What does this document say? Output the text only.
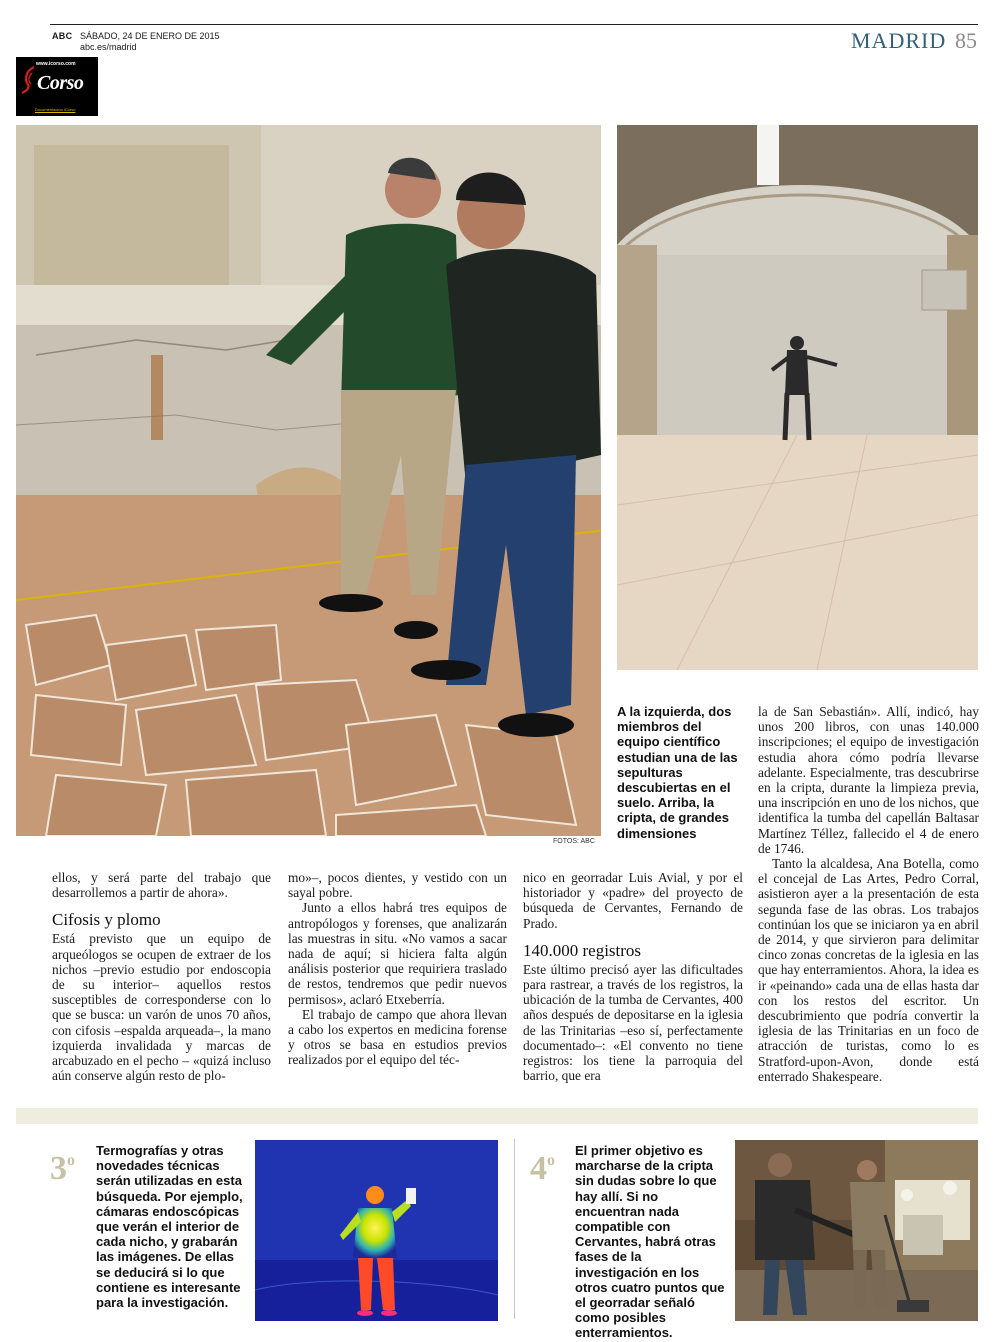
ABC SÁBADO, 24 DE ENERO DE 2015
abc.es/madrid	MADRID 85
www.icorso.com
Corso
Documentación iCorso
FOTOS: ABC
A la izquierda, dos miembros del equipo científico estudian una de las sepulturas descubiertas en el suelo. Arriba, la cripta, de grandes dimensiones

la de San Sebastián». Allí, indicó, hay unos 200 libros, con unas 140.000 inscripciones; el equipo de investigación estudia ahora cómo podría llevarse adelante. Especialmente, tras descubrirse en la cripta, durante la limpieza previa, una inscripción en uno de los nichos, que identifica la tumba del capellán Baltasar Martínez Téllez, fallecido el 4 de enero de 1746.

Tanto la alcaldesa, Ana Botella, como el concejal de Las Artes, Pedro Corral, asistieron ayer a la presentación de esta segunda fase de las obras. Los trabajos continúan los que se iniciaron ya en abril de 2014, y que sirvieron para delimitar cinco zonas concretas de la iglesia en las que hay enterramientos. Ahora, la idea es ir «peinando» cada una de ellas hasta dar con los restos del escritor. Un descubrimiento que podría convertir la iglesia de las Trinitarias en un foco de atracción de turistas, como lo es Stratford-upon-Avon, donde está enterrado Shakespeare.

ellos, y será parte del trabajo que desarrollemos a partir de ahora».

Cifosis y plomo

Está previsto que un equipo de arqueólogos se ocupen de extraer de los nichos –previo estudio por endoscopia de su interior– aquellos restos susceptibles de corresponderse con lo que se busca: un varón de unos 70 años, con cifosis –espalda arqueada–, la mano izquierda invalidada y marcas de arcabuzado en el pecho – «quizá incluso aún conserve algún resto de plo-

mo»–, pocos dientes, y vestido con un sayal pobre.

Junto a ellos habrá tres equipos de antropólogos y forenses, que analizarán las muestras in situ. «No vamos a sacar nada de aquí; si hiciera falta algún análisis posterior que requiriera traslado de restos, tendremos que pedir nuevos permisos», aclaró Etxeberría.

El trabajo de campo que ahora llevan a cabo los expertos en medicina forense y otros se basa en estudios previos realizados por el equipo del téc-

nico en georradar Luis Avial, y por el historiador y «padre» del proyecto de búsqueda de Cervantes, Fernando de Prado.

140.000 registros

Este último precisó ayer las dificultades para rastrear, a través de los registros, la ubicación de la tumba de Cervantes, 400 años después de depositarse en la iglesia de las Trinitarias –eso sí, perfectamente documentado–: «El convento no tiene registros: los tiene la parroquia del barrio, que era

3$^o$
Termografías y otras novedades técnicas serán utilizadas en esta búsqueda. Por ejemplo, cámaras endoscópicas que verán el interior de cada nicho, y grabarán las imágenes. De ellas se deducirá si lo que contiene es interesante para la investigación.
4$^o$
El primer objetivo es marcharse de la cripta sin dudas sobre lo que hay allí. Si no encuentran nada compatible con Cervantes, habrá otras fases de la investigación en los otros cuatro puntos que el georradar señaló como posibles enterramientos.
